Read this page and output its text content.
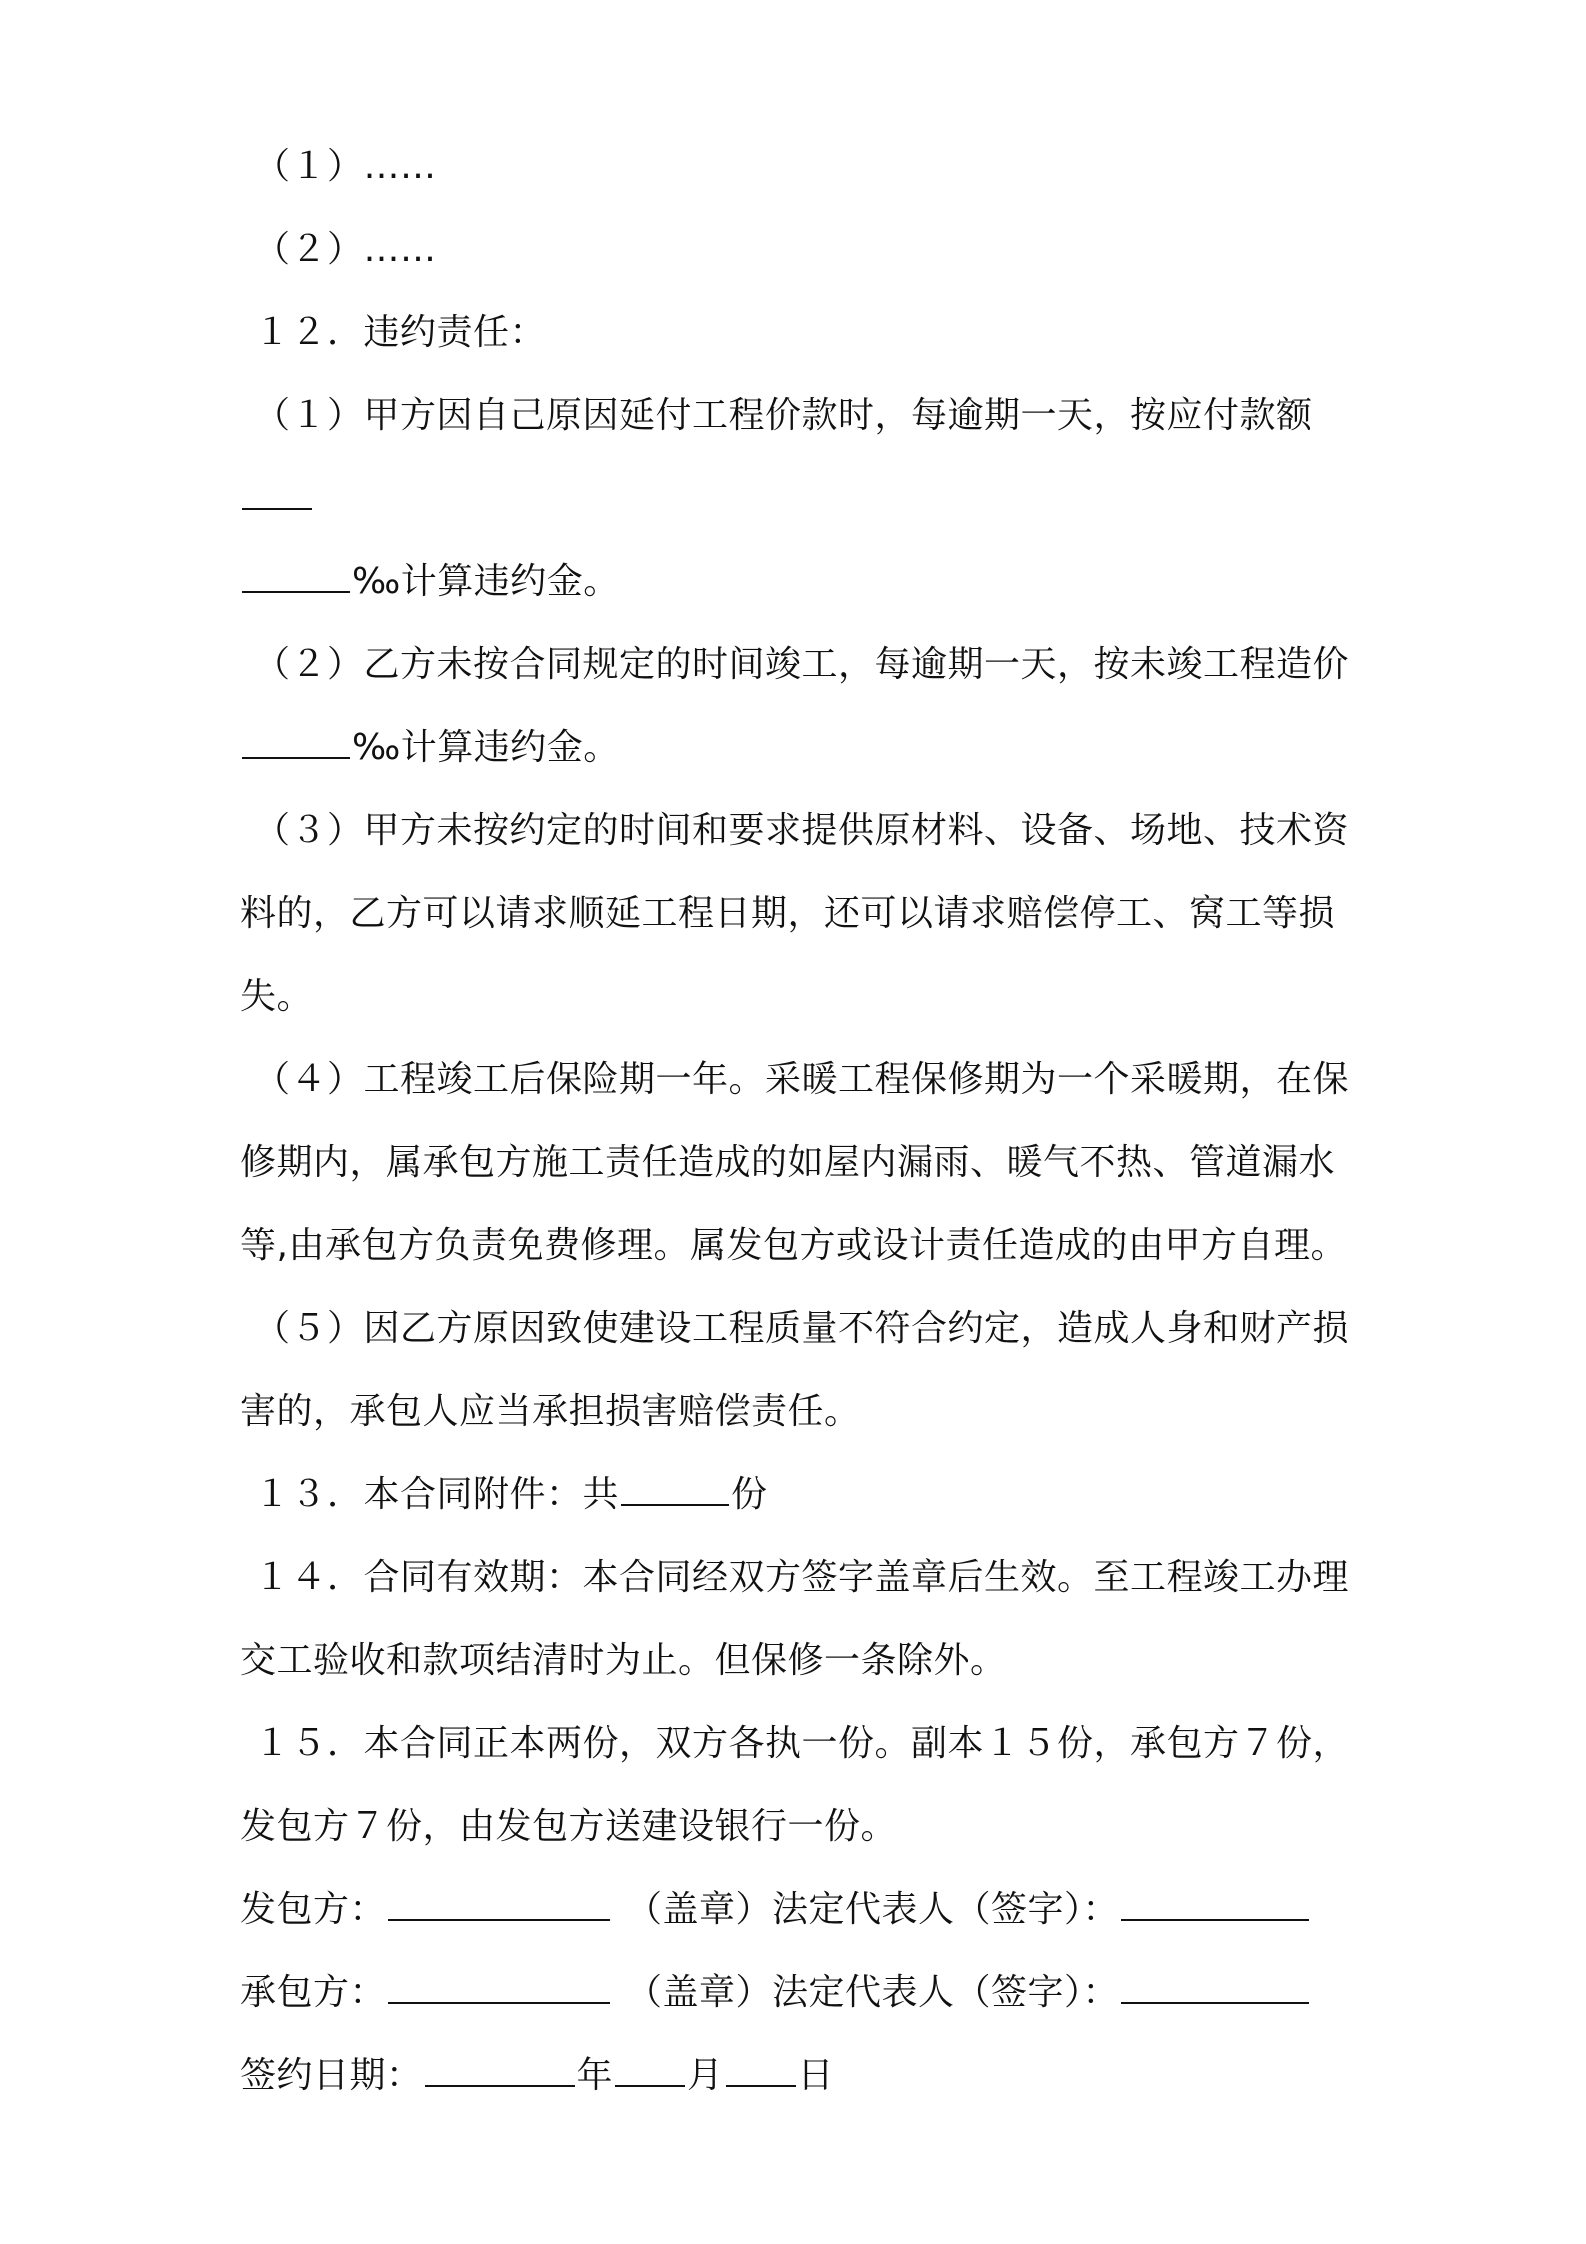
（１）……

（２）……

１２．违约责任：

（１）甲方因自己原因延付工程价款时，每逾期一天，按应付款额
‰计算违约金。

（２）乙方未按合同规定的时间竣工，每逾期一天，按未竣工程造价
‰计算违约金。

（３）甲方未按约定的时间和要求提供原材料、设备、场地、技术资料的，乙方可以请求顺延工程日期，还可以请求赔偿停工、窝工等损失。

（４）工程竣工后保险期一年。采暖工程保修期为一个采暖期，在保修期内，属承包方施工责任造成的如屋内漏雨、暖气不热、管道漏水等,由承包方负责免费修理。属发包方或设计责任造成的由甲方自理。

（５）因乙方原因致使建设工程质量不符合约定，造成人身和财产损害的，承包人应当承担损害赔偿责任。

１３．本合同附件：共	份

１４．合同有效期：本合同经双方签字盖章后生效。至工程竣工办理交工验收和款项结清时为止。但保修一条除外。

１５．本合同正本两份，双方各执一份。副本１５份，承包方７份，发包方７份，由发包方送建设银行一份。

发包方：	（盖章）法定代表人（签字）：

承包方：	（盖章）法定代表人（签字）：

签约日期：	年 月 日
